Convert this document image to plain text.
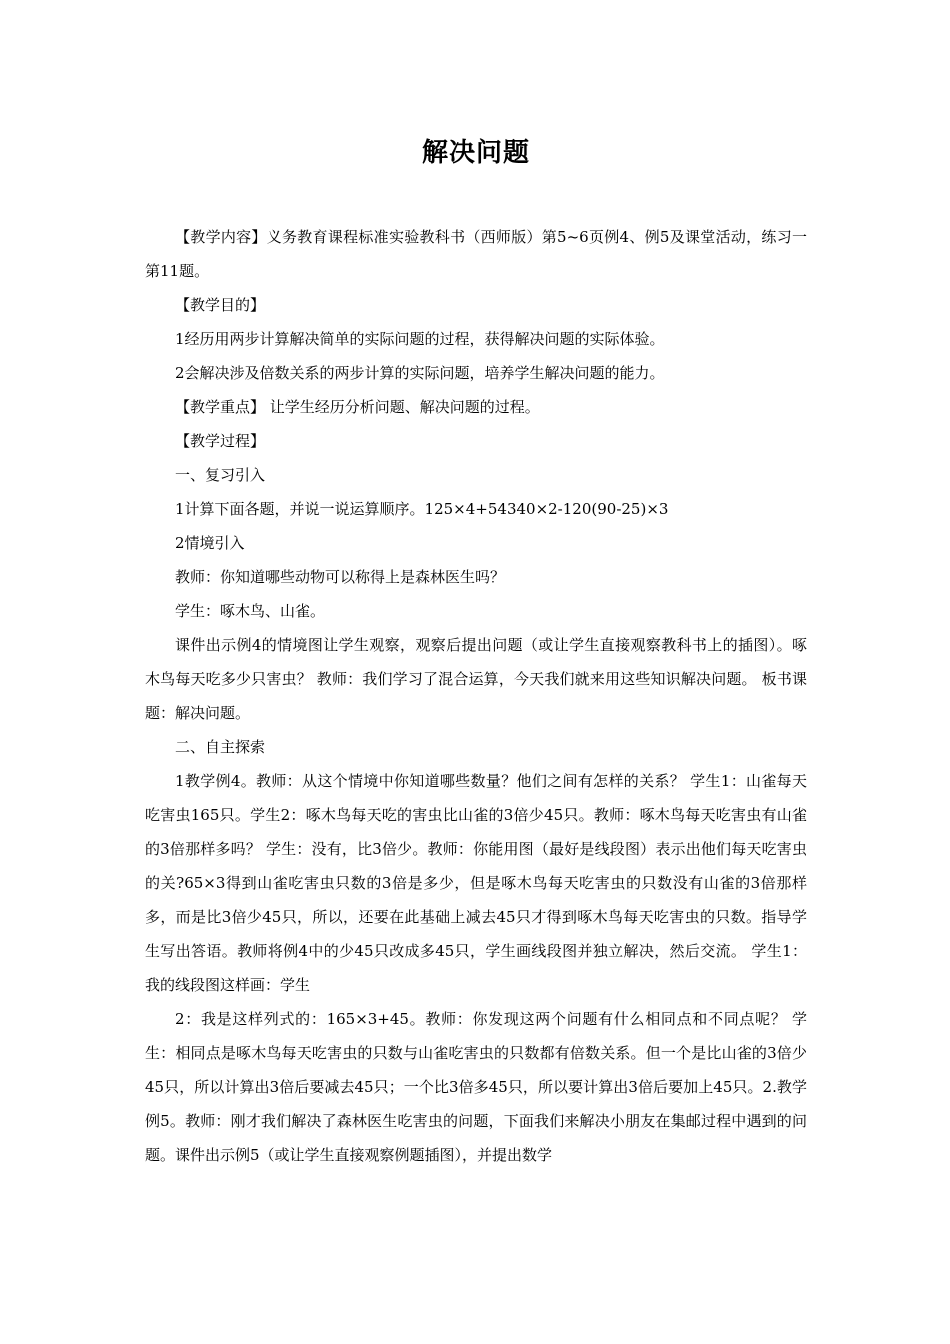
解决问题

【教学内容】义务教育课程标准实验教科书（西师版）第5~6页例4、例5及课堂活动，练习一第11题。

【教学目的】

1经历用两步计算解决简单的实际问题的过程，获得解决问题的实际体验。

2会解决涉及倍数关系的两步计算的实际问题，培养学生解决问题的能力。

【教学重点】 让学生经历分析问题、解决问题的过程。

【教学过程】

一、复习引入

1计算下面各题，并说一说运算顺序。125×4+54340×2-120(90-25)×3

2情境引入

教师：你知道哪些动物可以称得上是森林医生吗？

学生：啄木鸟、山雀。

课件出示例4的情境图让学生观察，观察后提出问题（或让学生直接观察教科书上的插图）。啄木鸟每天吃多少只害虫？ 教师：我们学习了混合运算，今天我们就来用这些知识解决问题。 板书课题：解决问题。

二、自主探索

1教学例4。教师：从这个情境中你知道哪些数量？他们之间有怎样的关系？ 学生1：山雀每天吃害虫165只。学生2：啄木鸟每天吃的害虫比山雀的3倍少45只。教师：啄木鸟每天吃害虫有山雀的3倍那样多吗？ 学生：没有，比3倍少。教师：你能用图（最好是线段图）表示出他们每天吃害虫的关?65×3得到山雀吃害虫只数的3倍是多少，但是啄木鸟每天吃害虫的只数没有山雀的3倍那样多，而是比3倍少45只，所以，还要在此基础上减去45只才得到啄木鸟每天吃害虫的只数。指导学生写出答语。教师将例4中的少45只改成多45只，学生画线段图并独立解决，然后交流。 学生1：我的线段图这样画：学生

2：我是这样列式的：165×3+45。教师：你发现这两个问题有什么相同点和不同点呢？ 学生：相同点是啄木鸟每天吃害虫的只数与山雀吃害虫的只数都有倍数关系。但一个是比山雀的3倍少45只，所以计算出3倍后要减去45只；一个比3倍多45只，所以要计算出3倍后要加上45只。2.教学例5。教师：刚才我们解决了森林医生吃害虫的问题，下面我们来解决小朋友在集邮过程中遇到的问题。课件出示例5（或让学生直接观察例题插图），并提出数学
